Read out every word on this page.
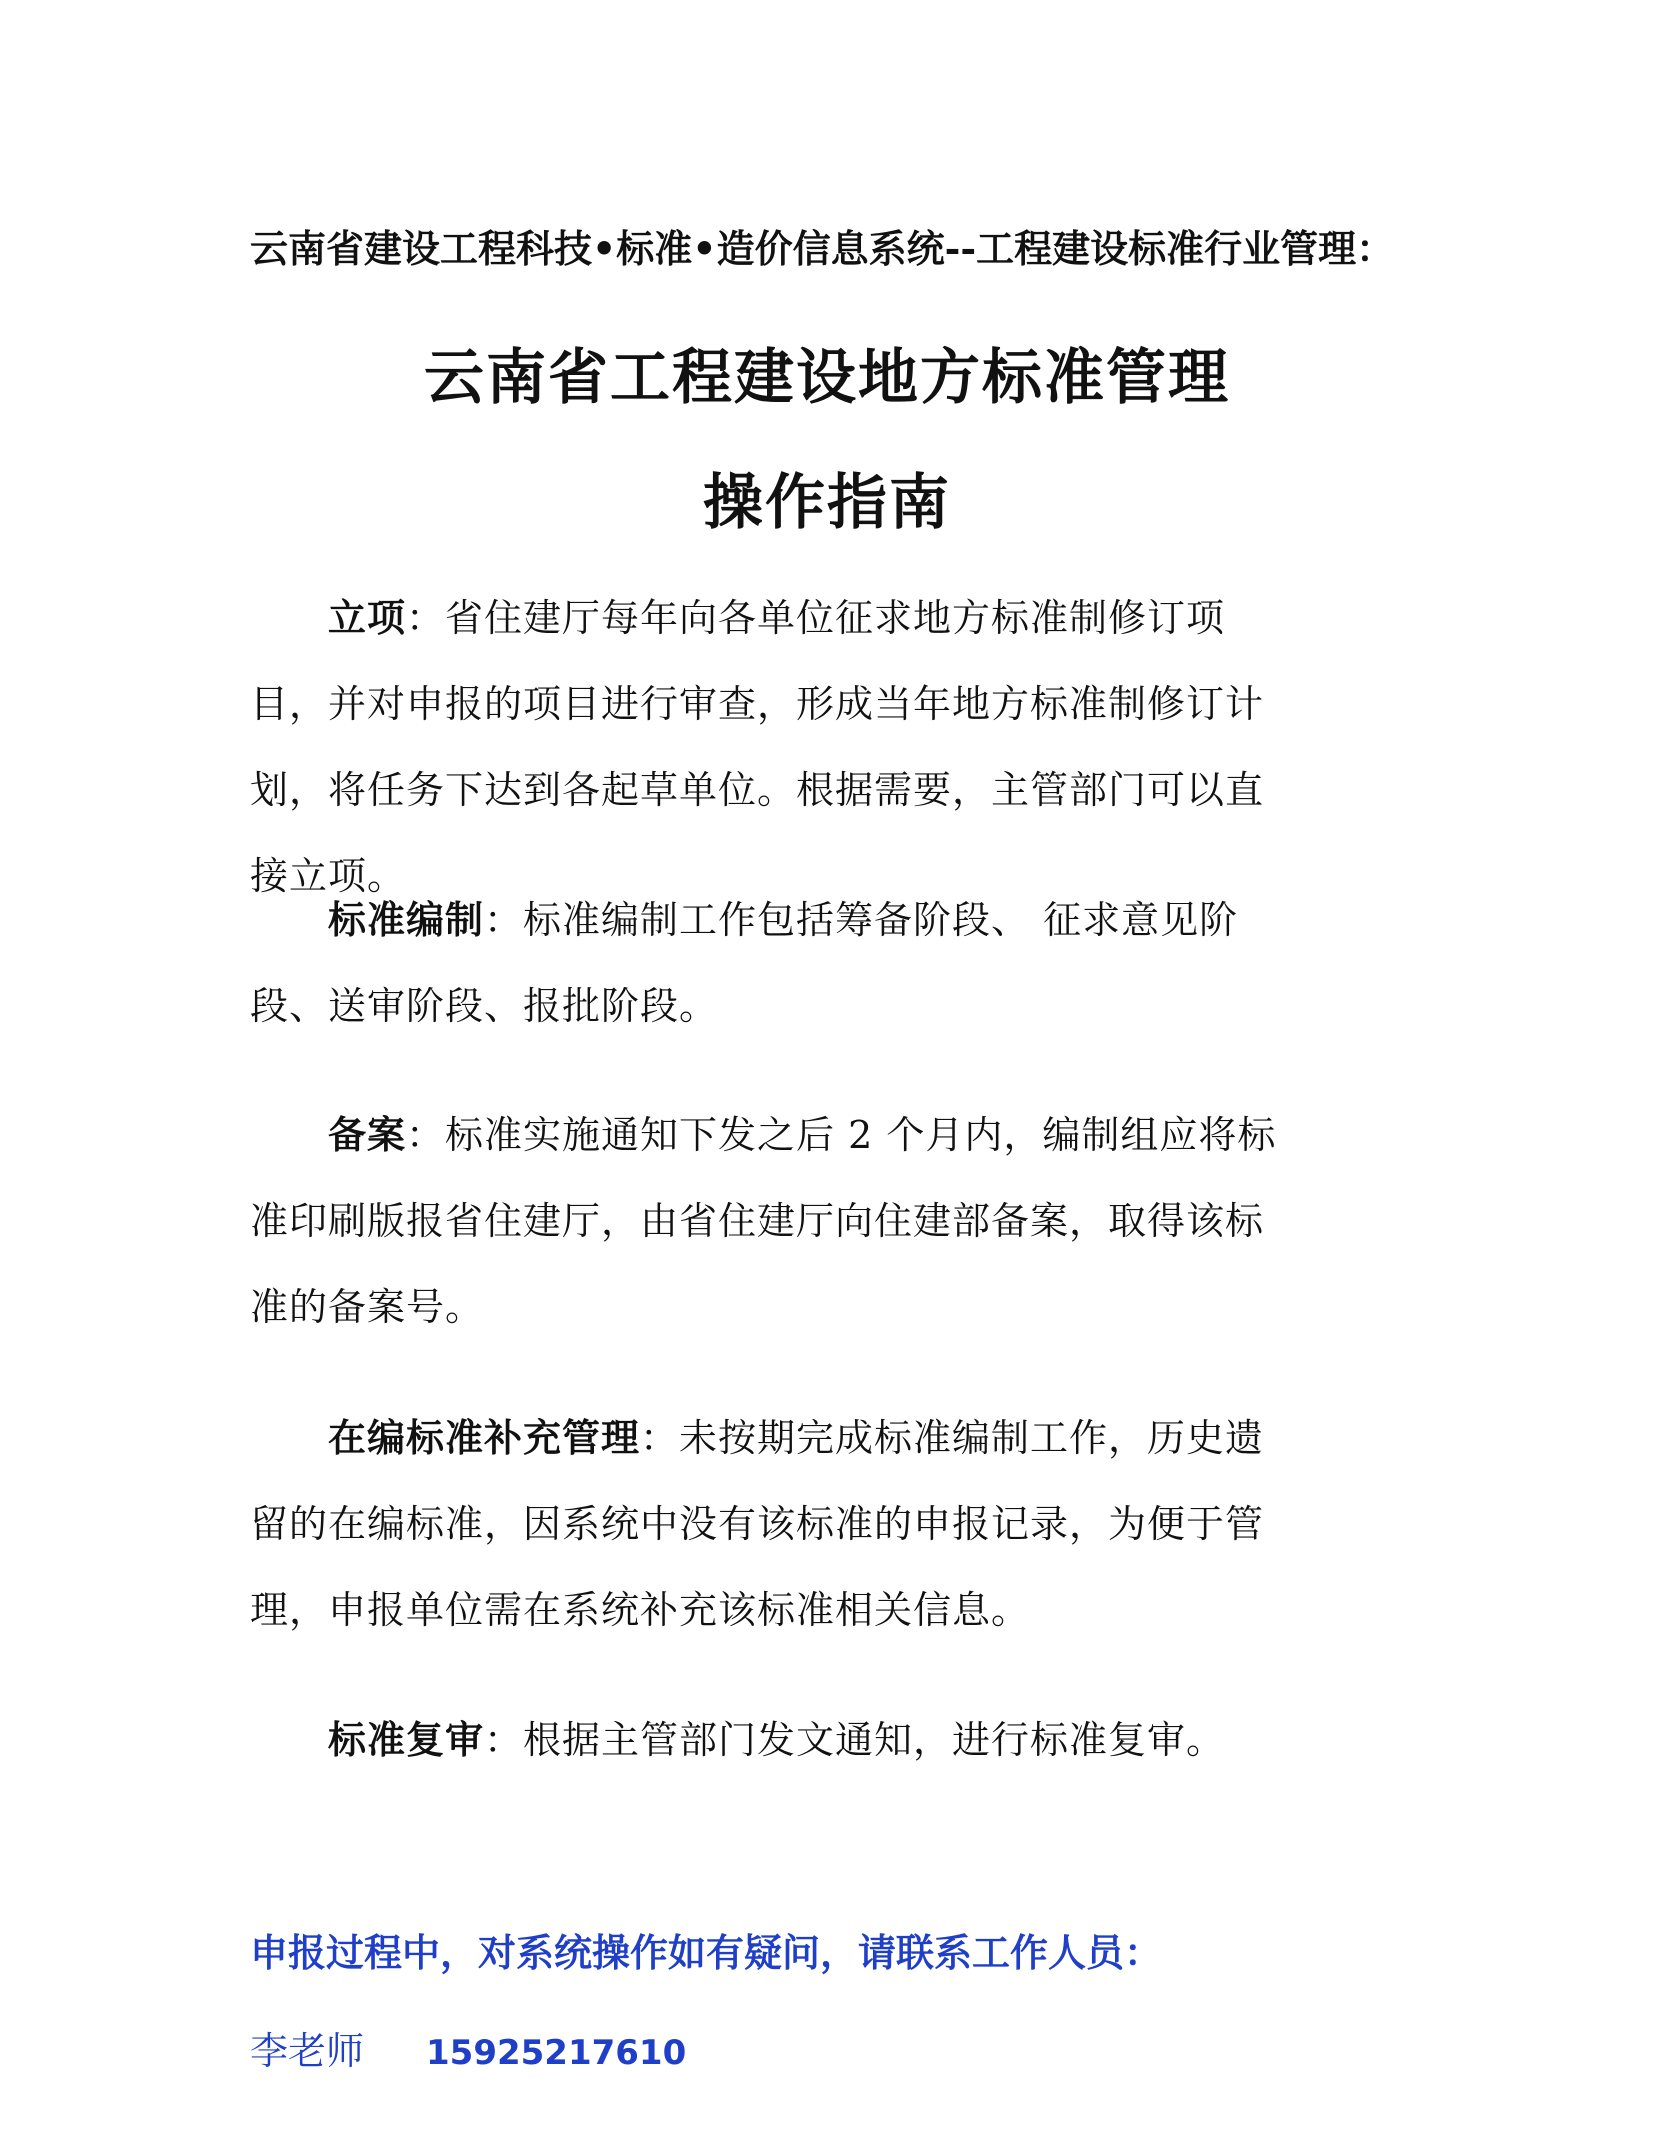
云南省建设工程科技•标准•造价信息系统--工程建设标准行业管理：
云南省工程建设地方标准管理
操作指南
立项：省住建厅每年向各单位征求地方标准制修订项目，并对申报的项目进行审查，形成当年地方标准制修订计划，将任务下达到各起草单位。根据需要，主管部门可以直接立项。
标准编制：标准编制工作包括筹备阶段、 征求意见阶段、送审阶段、报批阶段。
备案：标准实施通知下发之后 2 个月内，编制组应将标准印刷版报省住建厅，由省住建厅向住建部备案，取得该标准的备案号。
在编标准补充管理：未按期完成标准编制工作，历史遗留的在编标准，因系统中没有该标准的申报记录，为便于管理，申报单位需在系统补充该标准相关信息。
标准复审：根据主管部门发文通知，进行标准复审。
申报过程中，对系统操作如有疑问，请联系工作人员：
李老师 15925217610
